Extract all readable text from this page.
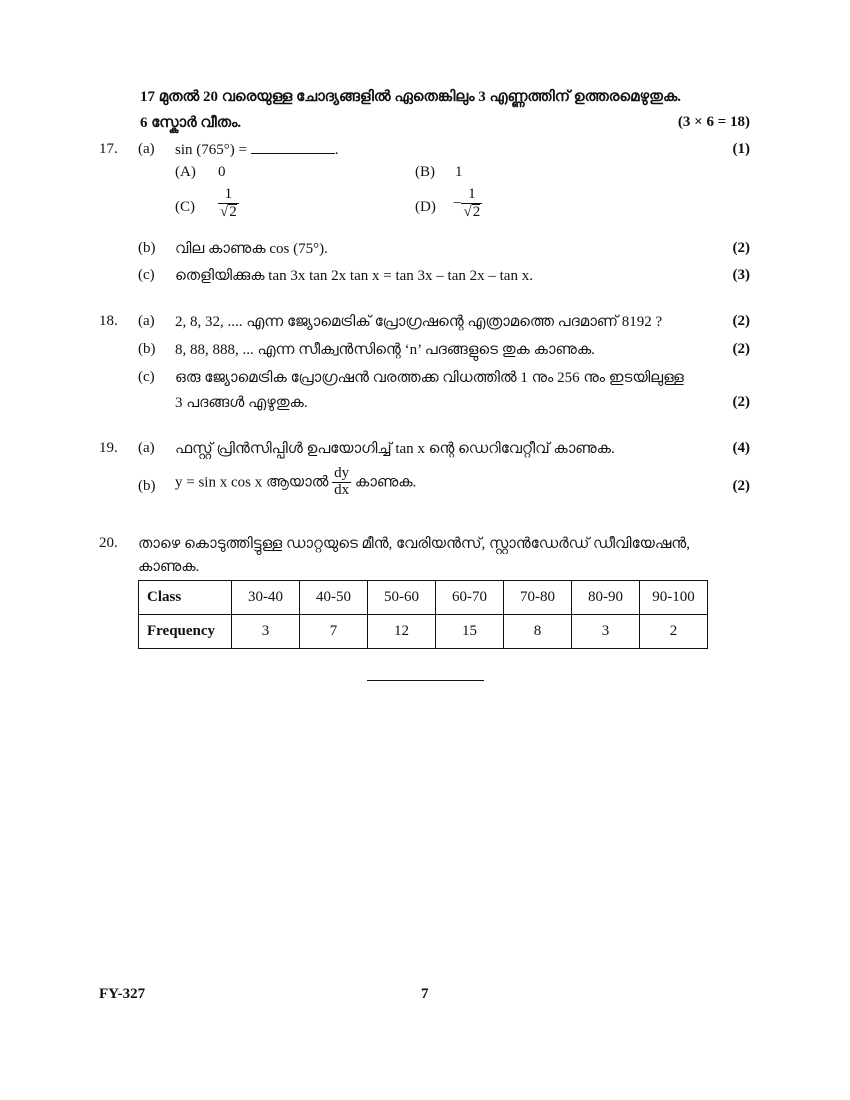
17 മുതൽ 20 വരെയുള്ള ചോദ്യങ്ങളിൽ ഏതെങ്കിലും 3 എണ്ണത്തിന് ഉത്തരമെഴുതുക.
6 സ്കോർ വീതം.	(3 × 6 = 18)
17. (a) sin (765°) =	.	(1)
(A) 0	(B) 1
$(C) \frac{1}{√2}$	$(D) - \frac{1}{√2}$
(b) വില കാണുക cos (75°).	(2)
(c) തെളിയിക്കുക tan 3x tan 2x tan x = tan 3x – tan 2x – tan x.	(3)
18. (a) 2, 8, 32, .... എന്ന ജ്യോമെട്രിക് പ്രോഗ്രഷന്റെ എത്രാമത്തെ പദമാണ് 8192 ?	(2)
(b) 8, 88, 888, ... എന്ന സീക്വൻസിന്റെ ‘n’ പദങ്ങളുടെ തുക കാണുക.	(2)
(c) ഒരു ജ്യോമെട്രിക പ്രോഗ്രഷൻ വരത്തക്ക വിധത്തിൽ 1 നും 256 നും ഇടയിലുള്ള
3 പദങ്ങൾ എഴുതുക.	(2)
19. (a) ഫസ്റ്റ് പ്രിൻസിപ്പിൾ ഉപയോഗിച്ച് tan x ന്റെ ഡെറിവേറ്റീവ് കാണുക.	(4)
(b) y = sin x cos x ആയാൽ $\frac{dy}{dx}$ കാണുക.	(2)
20. താഴെ കൊടുത്തിട്ടുള്ള ഡാറ്റയുടെ മീൻ, വേരിയൻസ്, സ്റ്റാൻഡേർഡ് ഡീവിയേഷൻ,
കാണുക.
Class	30-40	40-50	50-60	60-70	70-80	80-90	90-100
Frequency	3	7	12	15	8	3	2
FY-327	7
